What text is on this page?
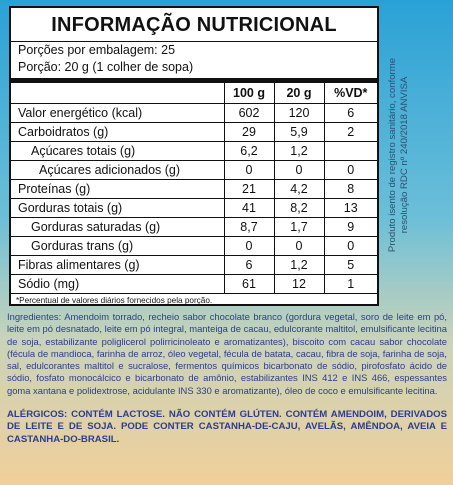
INFORMAÇÃO NUTRICIONAL
Porções por embalagem: 25
Porção: 20 g (1 colher de sopa)
	100 g	20 g	%VD*
Valor energético (kcal)	602	120	6
Carboidratos (g)	29	5,9	2
Açúcares totais (g)	6,2	1,2	
Açúcares adicionados (g)	0	0	0
Proteínas (g)	21	4,2	8
Gorduras totais (g)	41	8,2	13
Gorduras saturadas (g)	8,7	1,7	9
Gorduras trans (g)	0	0	0
Fibras alimentares (g)	6	1,2	5
Sódio (mg)	61	12	1
*Percentual de valores diários fornecidos pela porção.
Produto isento de registro sanitário, conforme resolução RDC nº 240/2018 ANVISA
Ingredientes: Amendoim torrado, recheio sabor chocolate branco (gordura vegetal, soro de leite em pó, leite em pó desnatado, leite em pó integral, manteiga de cacau, edulcorante maltitol, emulsificante lecitina de soja, estabilizante poliglicerol polirricinoleato e aromatizantes), biscoito com cacau sabor chocolate (fécula de mandioca, farinha de arroz, óleo vegetal, fécula de batata, cacau, fibra de soja, farinha de soja, sal, edulcorantes maltitol e sucralose, fermentos químicos bicarbonato de sódio, pirofosfato ácido de sódio, fosfato monocálcico e bicarbonato de amônio, estabilizantes INS 412 e INS 466, espessantes goma xantana e polidextrose, acidulante INS 330 e aromatizante), óleo de coco e emulsificante lecitina.
ALÉRGICOS: CONTÉM LACTOSE. NÃO CONTÉM GLÚTEN. CONTÉM AMENDOIM, DERIVADOS DE LEITE E DE SOJA. PODE CONTER CASTANHA-DE-CAJU, AVELÃS, AMÊNDOA, AVEIA E CASTANHA-DO-BRASIL.
